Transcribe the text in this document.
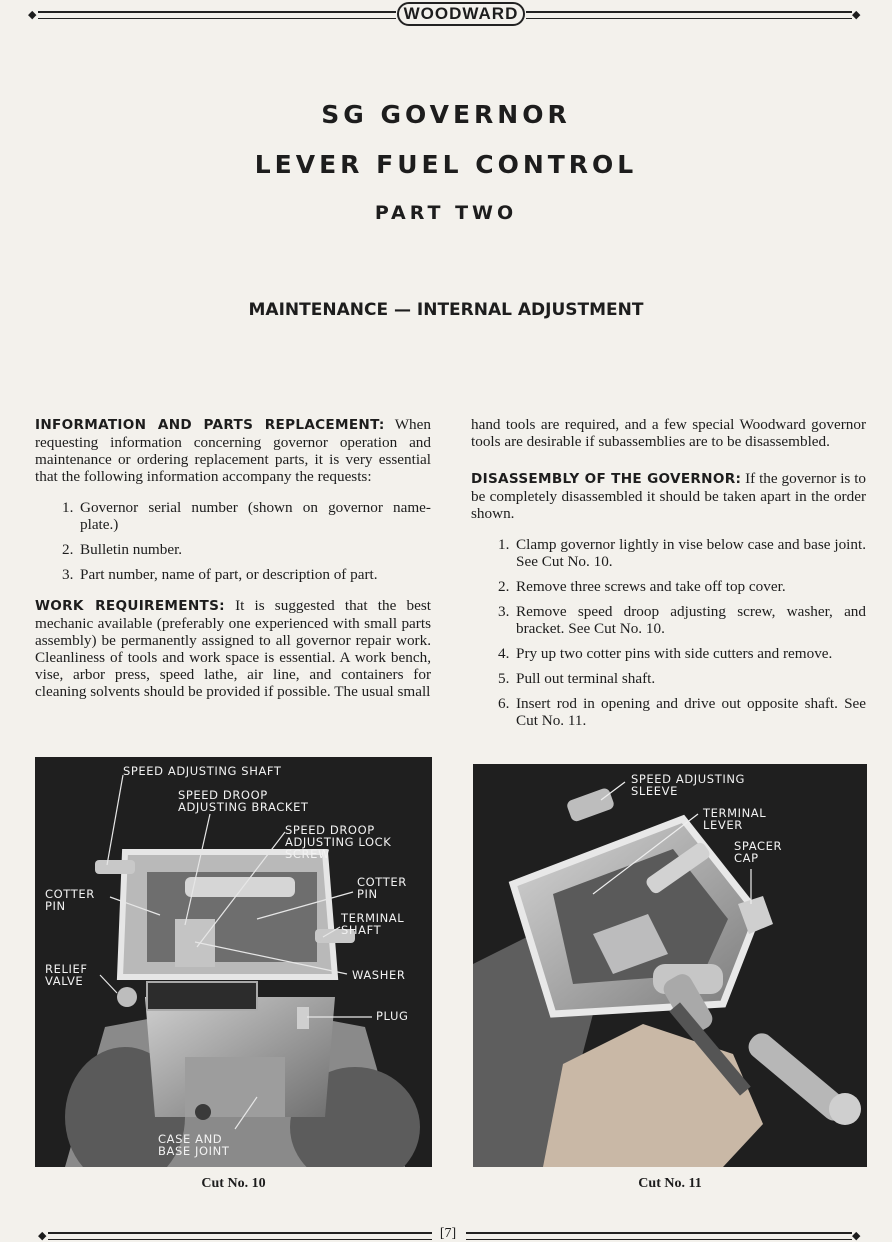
◆	◆
WOODWARD
SG GOVERNOR
LEVER FUEL CONTROL
PART TWO
MAINTENANCE — INTERNAL ADJUSTMENT

INFORMATION AND PARTS REPLACEMENT: When requesting information concerning governor operation and maintenance or ordering replacement parts, it is very essential that the following information accompany the requests:

1. Governor serial number (shown on governor name-plate.)
2. Bulletin number.
3. Part number, name of part, or description of part.

WORK REQUIREMENTS: It is suggested that the best mechanic available (preferably one experienced with small parts assembly) be permanently assigned to all governor repair work. Cleanliness of tools and work space is essential. A work bench, vise, arbor press, speed lathe, air line, and containers for cleaning solvents should be provided if possible. The usual small

hand tools are required, and a few special Woodward governor tools are desirable if subassemblies are to be disassembled.

DISASSEMBLY OF THE GOVERNOR: If the governor is to be completely disassembled it should be taken apart in the order shown.

1. Clamp governor lightly in vise below case and base joint. See Cut No. 10.
2. Remove three screws and take off top cover.
3. Remove speed droop adjusting screw, washer, and bracket. See Cut No. 10.
4. Pry up two cotter pins with side cutters and remove.
5. Pull out terminal shaft.
6. Insert rod in opening and drive out opposite shaft. See Cut No. 11.
SPEED ADJUSTING SHAFT
SPEED DROOP
ADJUSTING BRACKET
SPEED DROOP
ADJUSTING LOCK
SCREW
COTTER
PIN
COTTER
PIN
TERMINAL
SHAFT
RELIEF
VALVE	WASHER
PLUG
CASE AND
BASE JOINT
Cut No. 10
SPEED ADJUSTING
SLEEVE
TERMINAL
LEVER
SPACER
CAP
Cut No. 11
◆	◆
[7]
